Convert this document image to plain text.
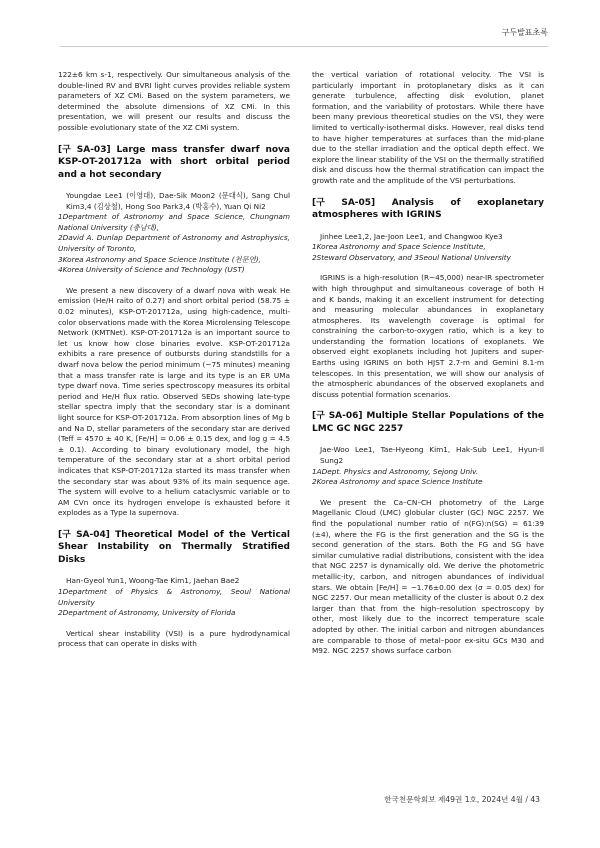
구두발표초록

122±6 km s-1, respectively. Our simultaneous analysis of the double-lined RV and BVRI light curves provides reliable system parameters of XZ CMi. Based on the system parameters, we determined the absolute dimensions of XZ CMi. In this presentation, we will present our results and discuss the possible evolutionary state of the XZ CMi system.

[구 SA-03] Large mass transfer dwarf nova KSP-OT-201712a with short orbital period and a hot secondary

Youngdae Lee1 (이영대), Dae-Sik Moon2 (문대식), Sang Chul Kim3,4 (김상철), Hong Soo Park3,4 (박홍수), Yuan Qi Ni2

1Department of Astronomy and Space Science, Chungnam National University (충남대),

2David A. Dunlap Department of Astronomy and Astrophysics, University of Toronto,

3Korea Astronomy and Space Science Institute (천문연),

4Korea University of Science and Technology (UST)

We present a new discovery of a dwarf nova with weak He emission (He/H raito of 0.27) and short orbital period (58.75 ± 0.02 minutes), KSP-OT-201712a, using high-cadence, multi-color observations made with the Korea Microlensing Telescope Network (KMTNet). KSP-OT-201712a is an important source to let us know how close binaries evolve. KSP-OT-201712a exhibits a rare presence of outbursts during standstills for a dwarf nova below the period minimum (~75 minutes) meaning that a mass transfer rate is large and its type is an ER UMa type dwarf nova. Time series spectroscopy measures its orbital period and He/H flux ratio. Observed SEDs showing late-type stellar spectra imply that the secondary star is a dominant light source for KSP-OT-201712a. From absorption lines of Mg b and Na D, stellar parameters of the secondary star are derived (Teff = 4570 ± 40 K, [Fe/H] = 0.06 ± 0.15 dex, and log g = 4.5 ± 0.1). According to binary evolutionary model, the high temperature of the secondary star at a short orbital period indicates that KSP-OT-201712a started its mass transfer when the secondary star was about 93% of its main sequence age. The system will evolve to a helium cataclysmic variable or to AM CVn once its hydrogen envelope is exhausted before it explodes as a Type Ia supernova.

[구 SA-04] Theoretical Model of the Vertical Shear Instability on Thermally Stratified Disks

Han-Gyeol Yun1, Woong-Tae Kim1, Jaehan Bae2

1Department of Physics & Astronomy, Seoul National University

2Department of Astronomy, University of Florida

Vertical shear instability (VSI) is a pure hydrodynamical process that can operate in disks with

the vertical variation of rotational velocity. The VSI is particularly important in protoplanetary disks as it can generate turbulence, affecting disk evolution, planet formation, and the variability of protostars. While there have been many previous theoretical studies on the VSI, they were limited to vertically-isothermal disks. However, real disks tend to have higher temperatures at surfaces than the mid-plane due to the stellar irradiation and the optical depth effect. We explore the linear stability of the VSI on the thermally stratified disk and discuss how the thermal stratification can impact the growth rate and the amplitude of the VSI perturbations.

[구 SA-05] Analysis of exoplanetary atmospheres with IGRINS

Jinhee Lee1,2, Jae-Joon Lee1, and Changwoo Kye3

1Korea Astronomy and Space Science Institute,

2Steward Observatory, and 3Seoul National University

IGRINS is a high-resolution (R~45,000) near-IR spectrometer with high throughput and simultaneous coverage of both H and K bands, making it an excellent instrument for detecting and measuring molecular abundances in exoplanetary atmospheres. Its wavelength coverage is optimal for constraining the carbon-to-oxygen ratio, which is a key to understanding the formation locations of exoplanets. We observed eight exoplanets including hot Jupiters and super-Earths using IGRINS on both HJST 2.7-m and Gemini 8.1-m telescopes. In this presentation, we will show our analysis of the atmospheric abundances of the observed exoplanets and discuss potential formation scenarios.

[구 SA-06] Multiple Stellar Populations of the LMC GC NGC 2257

Jae-Woo Lee1, Tae-Hyeong Kim1, Hak-Sub Lee1, Hyun-Il Sung2

1ADept. Physics and Astronomy, Sejong Univ.

2Korea Astronomy and space Science Institute

We present the Ca–CN–CH photometry of the Large Magellanic Cloud (LMC) globular cluster (GC) NGC 2257. We find the populational number ratio of n(FG):n(SG) = 61:39 (±4), where the FG is the first generation and the SG is the second generation of the stars. Both the FG and SG have similar cumulative radial distributions, consistent with the idea that NGC 2257 is dynamically old. We derive the photometric metallic-ity, carbon, and nitrogen abundances of individual stars. We obtain [Fe/H] = −1.76±0.00 dex (σ = 0.05 dex) for NGC 2257. Our mean metallicity of the cluster is about 0.2 dex larger than that from the high–resolution spectroscopy by other, most likely due to the incorrect temperature scale adopted by other. The initial carbon and nitrogen abundances are comparable to those of metal–poor ex-situ GCs M30 and M92. NGC 2257 shows surface carbon

한국천문학회보 제49권 1호, 2024년 4월 / 43
